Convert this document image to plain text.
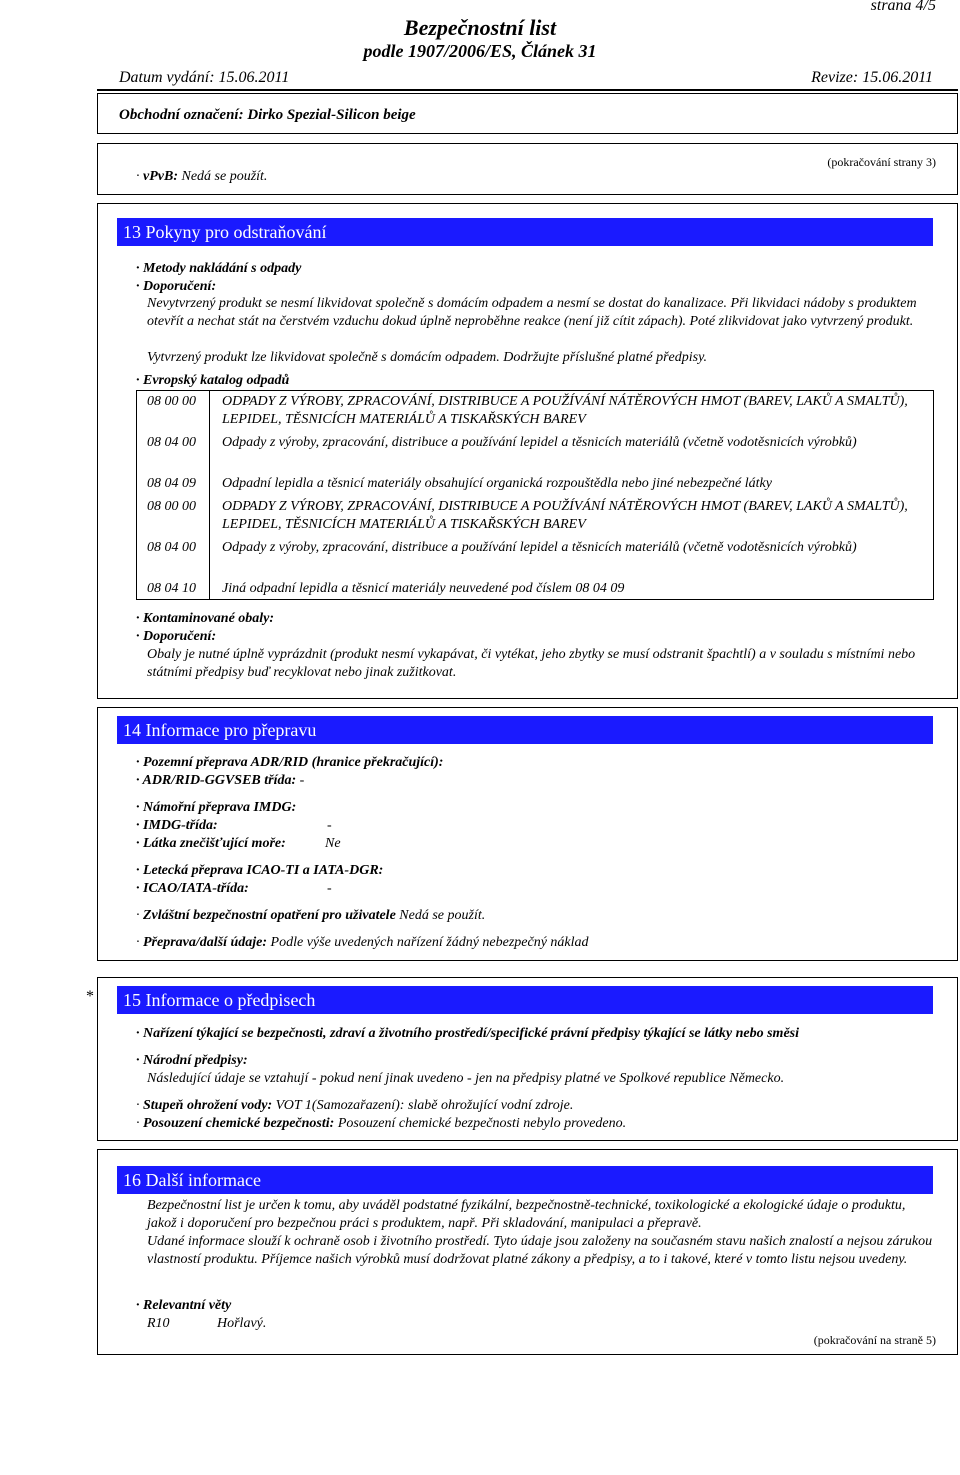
strana 4/5
Bezpečnostní list
podle 1907/2006/ES, Článek 31
Datum vydání: 15.06.2011	Revize: 15.06.2011
Obchodní označení: Dirko Spezial-Silicon beige
· vPvB: Nedá se použít.
(pokračování strany 3)
13 Pokyny pro odstraňování
· Metody nakládání s odpady
· Doporučení:
Nevytvrzený produkt se nesmí likvidovat společně s domácím odpadem a nesmí se dostat do kanalizace. Při likvidaci nádoby s produktem otevřít a nechat stát na čerstvém vzduchu dokud úplně neproběhne reakce (není již cítit zápach). Poté zlikvidovat jako vytvrzený produkt.
Vytvrzený produkt lze likvidovat společně s domácím odpadem. Dodržujte příslušné platné předpisy.
· Evropský katalog odpadů
08 00 00	ODPADY Z VÝROBY, ZPRACOVÁNÍ, DISTRIBUCE A POUŽÍVÁNÍ NÁTĚROVÝCH HMOT (BAREV, LAKŮ A SMALTŮ), LEPIDEL, TĚSNICÍCH MATERIÁLŮ A TISKAŘSKÝCH BAREV
08 04 00	Odpady z výroby, zpracování, distribuce a používání lepidel a těsnicích materiálů (včetně vodotěsnicích výrobků)
08 04 09	Odpadní lepidla a těsnicí materiály obsahující organická rozpouštědla nebo jiné nebezpečné látky
08 00 00	ODPADY Z VÝROBY, ZPRACOVÁNÍ, DISTRIBUCE A POUŽÍVÁNÍ NÁTĚROVÝCH HMOT (BAREV, LAKŮ A SMALTŮ), LEPIDEL, TĚSNICÍCH MATERIÁLŮ A TISKAŘSKÝCH BAREV
08 04 00	Odpady z výroby, zpracování, distribuce a používání lepidel a těsnicích materiálů (včetně vodotěsnicích výrobků)
08 04 10	Jiná odpadní lepidla a těsnicí materiály neuvedené pod číslem 08 04 09
· Kontaminované obaly:
· Doporučení:
Obaly je nutné úplně vyprázdnit (produkt nesmí vykapávat, či vytékat, jeho zbytky se musí odstranit špachtlí) a v souladu s místními nebo státními předpisy buď recyklovat nebo jinak zužitkovat.
14 Informace pro přepravu
· Pozemní přeprava ADR/RID (hranice překračující):
· ADR/RID-GGVSEB třída: -
· Námořní přeprava IMDG:
· IMDG-třída:	-
· Látka znečišťující moře:	Ne
· Letecká přeprava ICAO-TI a IATA-DGR:
· ICAO/IATA-třída:	-
· Zvláštní bezpečnostní opatření pro uživatele Nedá se použít.
· Přeprava/další údaje: Podle výše uvedených nařízení žádný nebezpečný náklad
*	15 Informace o předpisech
· Nařízení týkající se bezpečnosti, zdraví a životního prostředí/specifické právní předpisy týkající se látky nebo směsi
· Národní předpisy:
Následující údaje se vztahují - pokud není jinak uvedeno - jen na předpisy platné ve Spolkové republice Německo.
· Stupeň ohrožení vody: VOT 1(Samozařazení): slabě ohrožující vodní zdroje.
· Posouzení chemické bezpečnosti: Posouzení chemické bezpečnosti nebylo provedeno.
16 Další informace
Bezpečnostní list je určen k tomu, aby uváděl podstatné fyzikální, bezpečnostně-technické, toxikologické a ekologické údaje o produktu, jakož i doporučení pro bezpečnou práci s produktem, např. Při skladování, manipulaci a přepravě.
Udané informace slouží k ochraně osob i životního prostředí. Tyto údaje jsou založeny na současném stavu našich znalostí a nejsou zárukou vlastností produktu. Příjemce našich výrobků musí dodržovat platné zákony a předpisy, a to i takové, které v tomto listu nejsou uvedeny.
· Relevantní věty
R10	Hořlavý.
(pokračování na straně 5)
